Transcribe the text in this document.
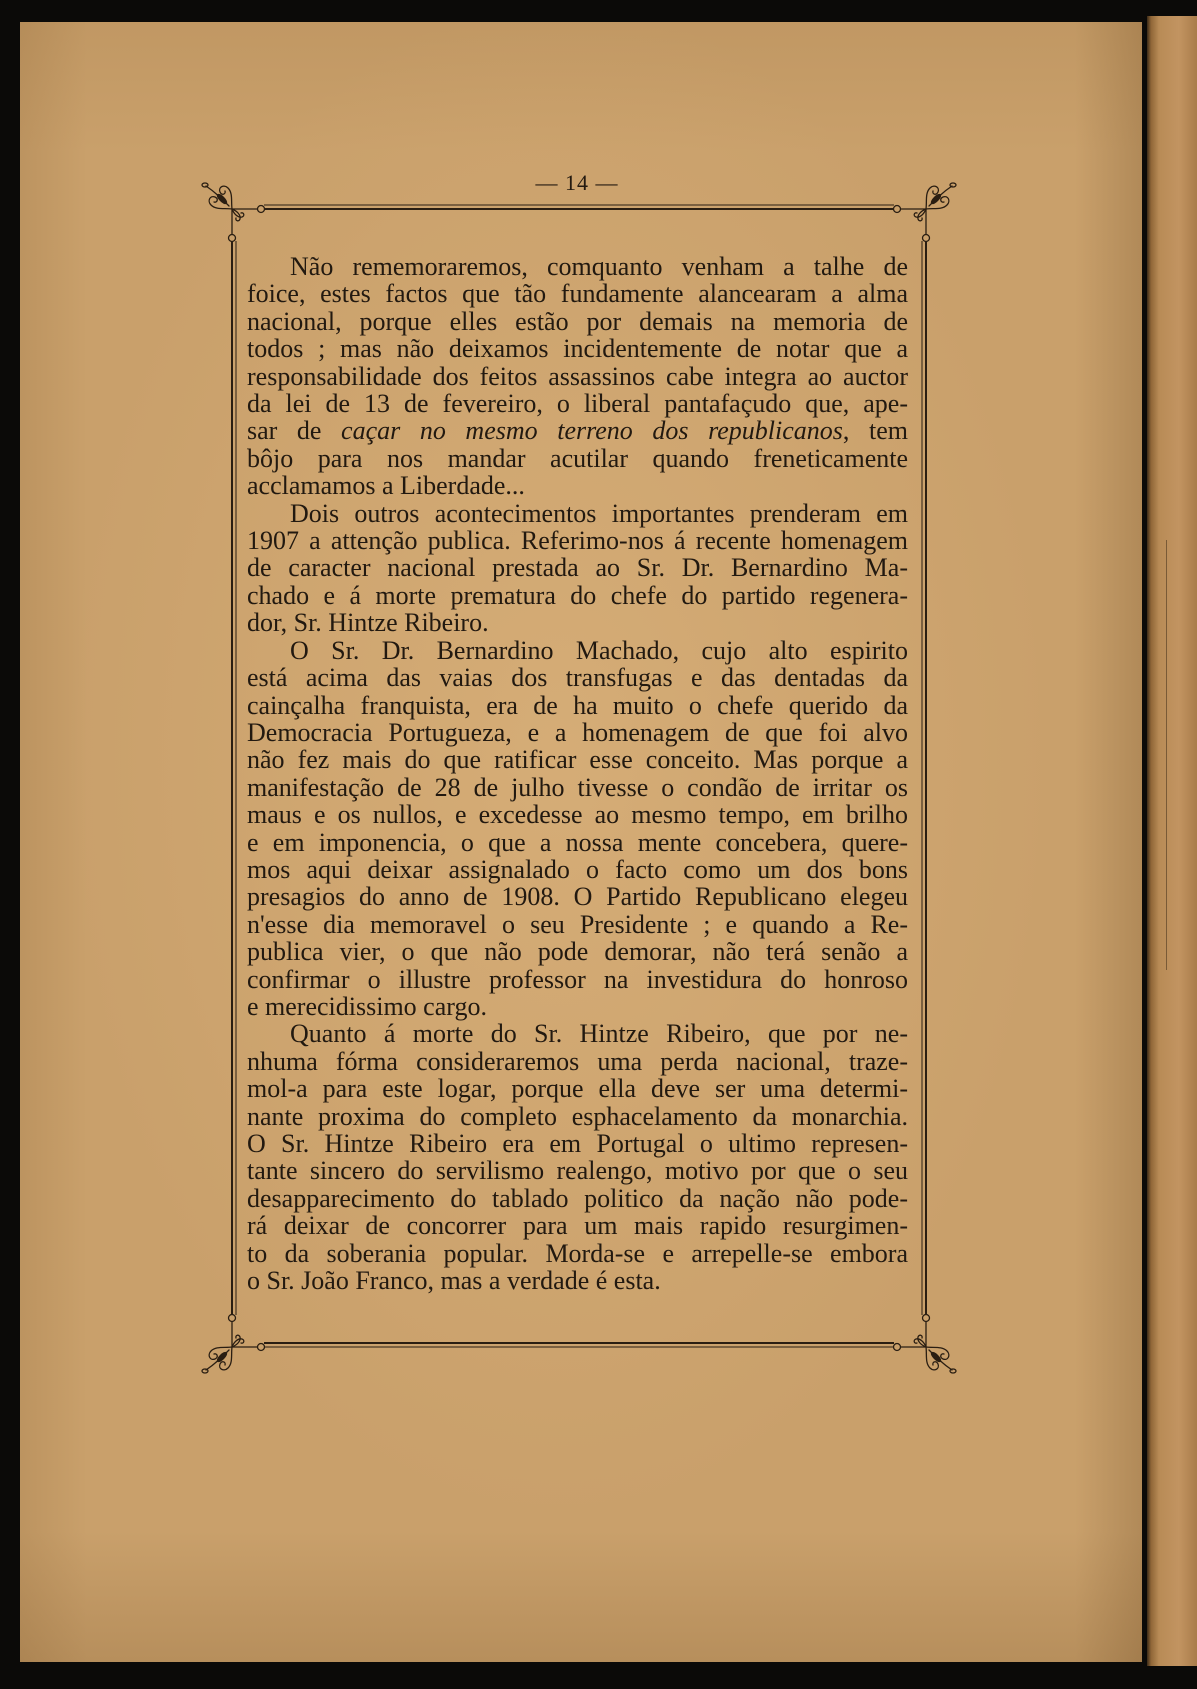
— 14 —
Não rememoraremos, comquanto venham a talhe de
foice, estes factos que tão fundamente alancearam a alma
nacional, porque elles estão por demais na memoria de
todos ; mas não deixamos incidentemente de notar que a
responsabilidade dos feitos assassinos cabe integra ao auctor
da lei de 13 de fevereiro, o liberal pantafaçudo que, ape-
sar de caçar no mesmo terreno dos republicanos, tem
bôjo para nos mandar acutilar quando freneticamente
acclamamos a Liberdade...
Dois outros acontecimentos importantes prenderam em
1907 a attenção publica. Referimo-nos á recente homenagem
de caracter nacional prestada ao Sr. Dr. Bernardino Ma-
chado e á morte prematura do chefe do partido regenera-
dor, Sr. Hintze Ribeiro.
O Sr. Dr. Bernardino Machado, cujo alto espirito
está acima das vaias dos transfugas e das dentadas da
cainçalha franquista, era de ha muito o chefe querido da
Democracia Portugueza, e a homenagem de que foi alvo
não fez mais do que ratificar esse conceito. Mas porque a
manifestação de 28 de julho tivesse o condão de irritar os
maus e os nullos, e excedesse ao mesmo tempo, em brilho
e em imponencia, o que a nossa mente concebera, quere-
mos aqui deixar assignalado o facto como um dos bons
presagios do anno de 1908. O Partido Republicano elegeu
n'esse dia memoravel o seu Presidente ; e quando a Re-
publica vier, o que não pode demorar, não terá senão a
confirmar o illustre professor na investidura do honroso
e merecidissimo cargo.
Quanto á morte do Sr. Hintze Ribeiro, que por ne-
nhuma fórma consideraremos uma perda nacional, traze-
mol-a para este logar, porque ella deve ser uma determi-
nante proxima do completo esphacelamento da monarchia.
O Sr. Hintze Ribeiro era em Portugal o ultimo represen-
tante sincero do servilismo realengo, motivo por que o seu
desapparecimento do tablado politico da nação não pode-
rá deixar de concorrer para um mais rapido resurgimen-
to da soberania popular. Morda-se e arrepelle-se embora
o Sr. João Franco, mas a verdade é esta.
